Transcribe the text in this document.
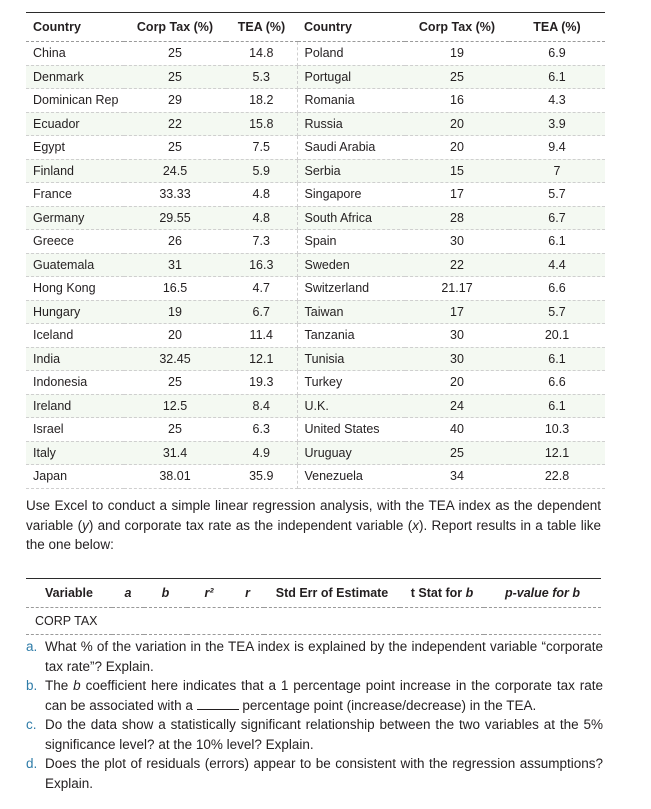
Country	Corp Tax (%)	TEA (%)	Country	Corp Tax (%)	TEA (%)
China	25	14.8	Poland	19	6.9
Denmark	25	5.3	Portugal	25	6.1
Dominican Rep	29	18.2	Romania	16	4.3
Ecuador	22	15.8	Russia	20	3.9
Egypt	25	7.5	Saudi Arabia	20	9.4
Finland	24.5	5.9	Serbia	15	7
France	33.33	4.8	Singapore	17	5.7
Germany	29.55	4.8	South Africa	28	6.7
Greece	26	7.3	Spain	30	6.1
Guatemala	31	16.3	Sweden	22	4.4
Hong Kong	16.5	4.7	Switzerland	21.17	6.6
Hungary	19	6.7	Taiwan	17	5.7
Iceland	20	11.4	Tanzania	30	20.1
India	32.45	12.1	Tunisia	30	6.1
Indonesia	25	19.3	Turkey	20	6.6
Ireland	12.5	8.4	U.K.	24	6.1
Israel	25	6.3	United States	40	10.3
Italy	31.4	4.9	Uruguay	25	12.1
Japan	38.01	35.9	Venezuela	34	22.8

Use Excel to conduct a simple linear regression analysis, with the TEA index as the dependent variable (y) and corporate tax rate as the independent variable (x). Report results in a table like the one below:

Variable	a	b	r²	r	Std Err of Estimate	t Stat for b	p-value for b
CORP TAX							
a. What % of the variation in the TEA index is explained by the independent variable “corporate tax rate”? Explain.
b. The b coefficient here indicates that a 1 percentage point increase in the corporate tax rate can be associated with a	percentage point (increase/decrease) in the TEA.
c. Do the data show a statistically significant relationship between the two variables at the 5% significance level? at the 10% level? Explain.
d. Does the plot of residuals (errors) appear to be consistent with the regression assumptions? Explain.
